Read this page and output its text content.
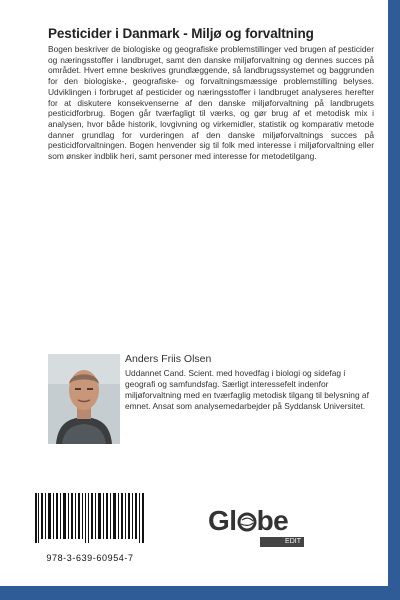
Pesticider i Danmark - Miljø og forvaltning

Bogen beskriver de biologiske og geografiske problemstillinger ved brugen af pesticider og næringsstoffer i landbruget, samt den danske miljøforvaltning og dennes succes på området. Hvert emne beskrives grundlæggende, så landbrugssystemet og baggrunden for den biologiske-, geografiske- og forvaltningsmæssige problemstilling belyses. Udviklingen i forbruget af pesticider og næringsstoffer i landbruget analyseres herefter for at diskutere konsekvenserne af den danske miljøforvaltning på landbrugets pesticidforbrug. Bogen går tværfagligt til værks, og gør brug af et metodisk mix i analysen, hvor både historik, lovgivning og virkemidler, statistik og komparativ metode danner grundlag for vurderingen af den danske miljøforvaltnings succes på pesticidforvaltningen. Bogen henvender sig til folk med interesse i miljøforvaltning eller som ønsker indblik heri, samt personer med interesse for metodetilgang.

Anders Friis Olsen

Uddannet Cand. Scient. med hovedfag i biologi og sidefag i geografi og samfundsfag. Særligt interessefelt indenfor miljøforvaltning med en tværfaglig metodisk tilgang til belysning af emnet. Ansat som analysemedarbejder på Syddansk Universitet.

978-3-639-60954-7
Gl be
EDIT
